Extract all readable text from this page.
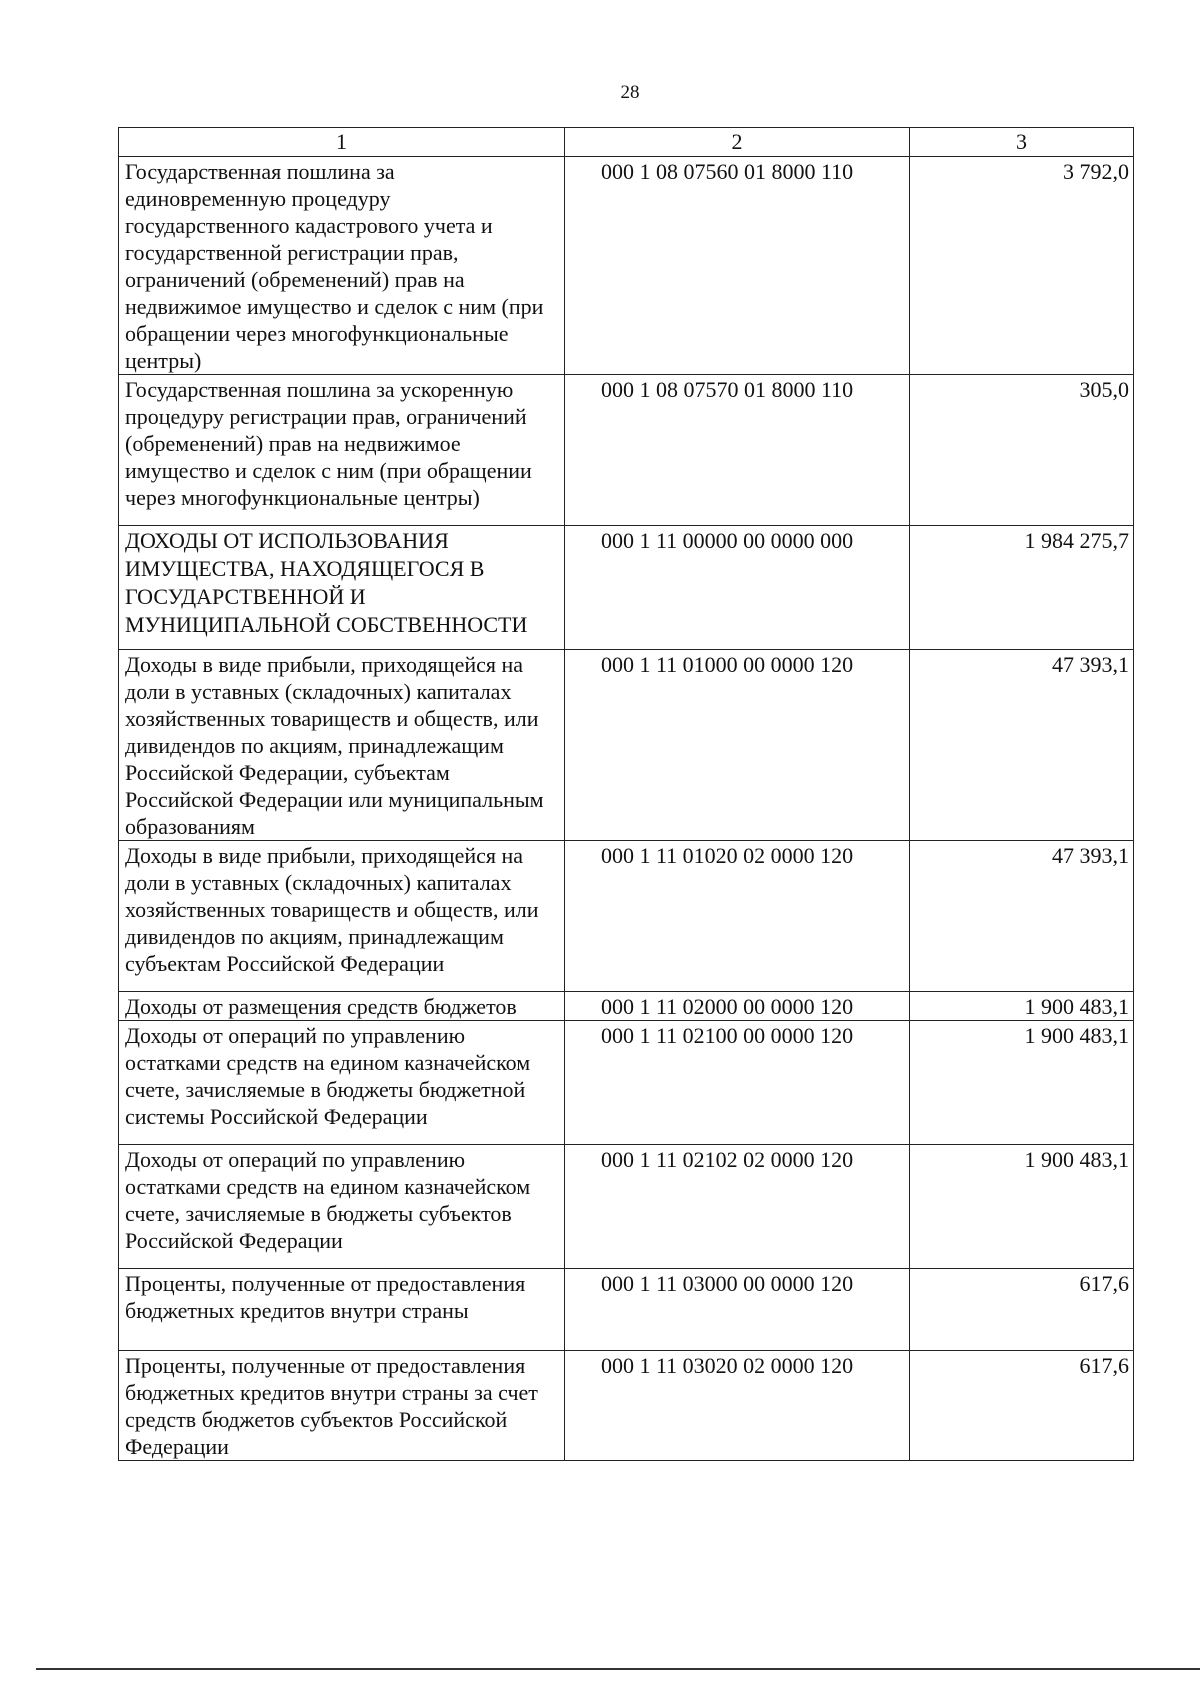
28
1	2	3
Государственная пошлина за единовременную процедуру государственного кадастрового учета и государственной регистрации прав, ограничений (обременений) прав на недвижимое имущество и сделок с ним (при обращении через многофункциональные центры)	000 1 08 07560 01 8000 110	3 792,0
Государственная пошлина за ускоренную процедуру регистрации прав, ограничений (обременений) прав на недвижимое имущество и сделок с ним (при обращении через многофункциональные центры)	000 1 08 07570 01 8000 110	305,0
ДОХОДЫ ОТ ИСПОЛЬЗОВАНИЯ ИМУЩЕСТВА, НАХОДЯЩЕГОСЯ В ГОСУДАРСТВЕННОЙ И МУНИЦИПАЛЬНОЙ СОБСТВЕННОСТИ	000 1 11 00000 00 0000 000	1 984 275,7
Доходы в виде прибыли, приходящейся на доли в уставных (складочных) капиталах хозяйственных товариществ и обществ, или дивидендов по акциям, принадлежащим Российской Федерации, субъектам Российской Федерации или муниципальным образованиям	000 1 11 01000 00 0000 120	47 393,1
Доходы в виде прибыли, приходящейся на доли в уставных (складочных) капиталах хозяйственных товариществ и обществ, или дивидендов по акциям, принадлежащим субъектам Российской Федерации	000 1 11 01020 02 0000 120	47 393,1
Доходы от размещения средств бюджетов	000 1 11 02000 00 0000 120	1 900 483,1
Доходы от операций по управлению остатками средств на едином казначейском счете, зачисляемые в бюджеты бюджетной системы Российской Федерации	000 1 11 02100 00 0000 120	1 900 483,1
Доходы от операций по управлению остатками средств на едином казначейском счете, зачисляемые в бюджеты субъектов Российской Федерации	000 1 11 02102 02 0000 120	1 900 483,1
Проценты, полученные от предоставления бюджетных кредитов внутри страны	000 1 11 03000 00 0000 120	617,6
Проценты, полученные от предоставления бюджетных кредитов внутри страны за счет средств бюджетов субъектов Российской Федерации	000 1 11 03020 02 0000 120	617,6
